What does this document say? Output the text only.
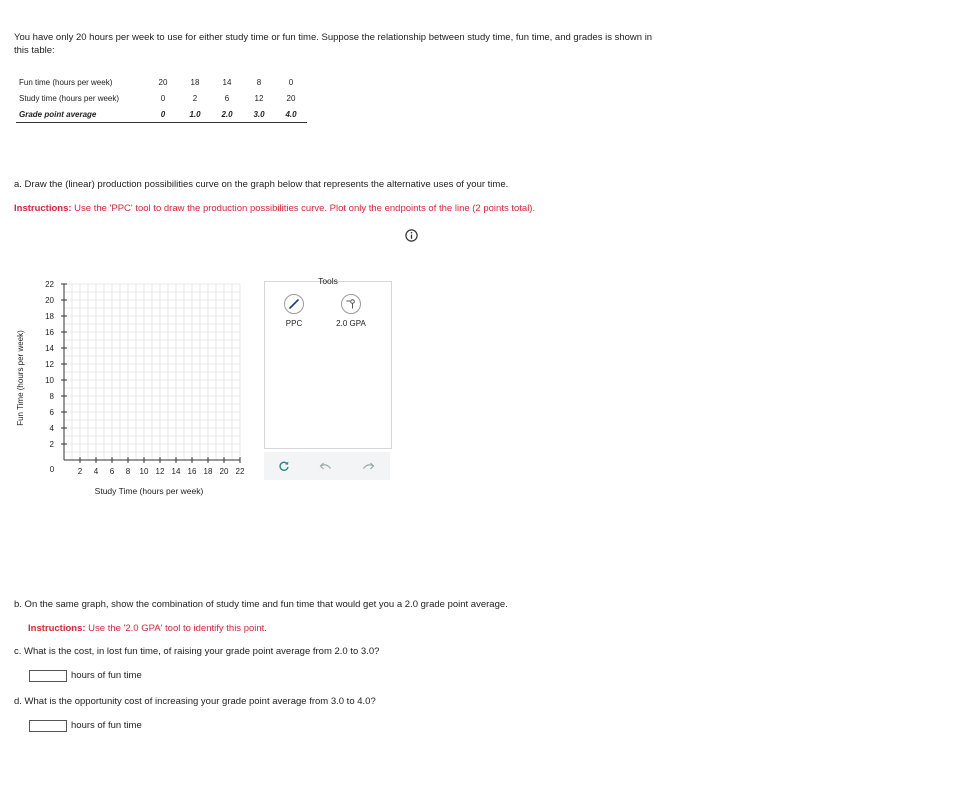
You have only 20 hours per week to use for either study time or fun time. Suppose the relationship between study time, fun time, and grades is shown in this table:
Fun time (hours per week)	20	18	14	8	0
Study time (hours per week)	0	2	6	12	20
Grade point average	0	1.0	2.0	3.0	4.0
a. Draw the (linear) production possibilities curve on the graph below that represents the alternative uses of your time.
Instructions: Use the 'PPC' tool to draw the production possibilities curve. Plot only the endpoints of the line (2 points total).
2 4 6 8 10 12 14 16 18 20 22
2
4
6
8
10
12
14
16
18
20
22
Study Time (hours per week)
Fun Time (hours per week)
0
Tools
PPC	2.0 GPA
b. On the same graph, show the combination of study time and fun time that would get you a 2.0 grade point average.
Instructions: Use the '2.0 GPA' tool to identify this point.
c. What is the cost, in lost fun time, of raising your grade point average from 2.0 to 3.0?
hours of fun time
d. What is the opportunity cost of increasing your grade point average from 3.0 to 4.0?
hours of fun time
